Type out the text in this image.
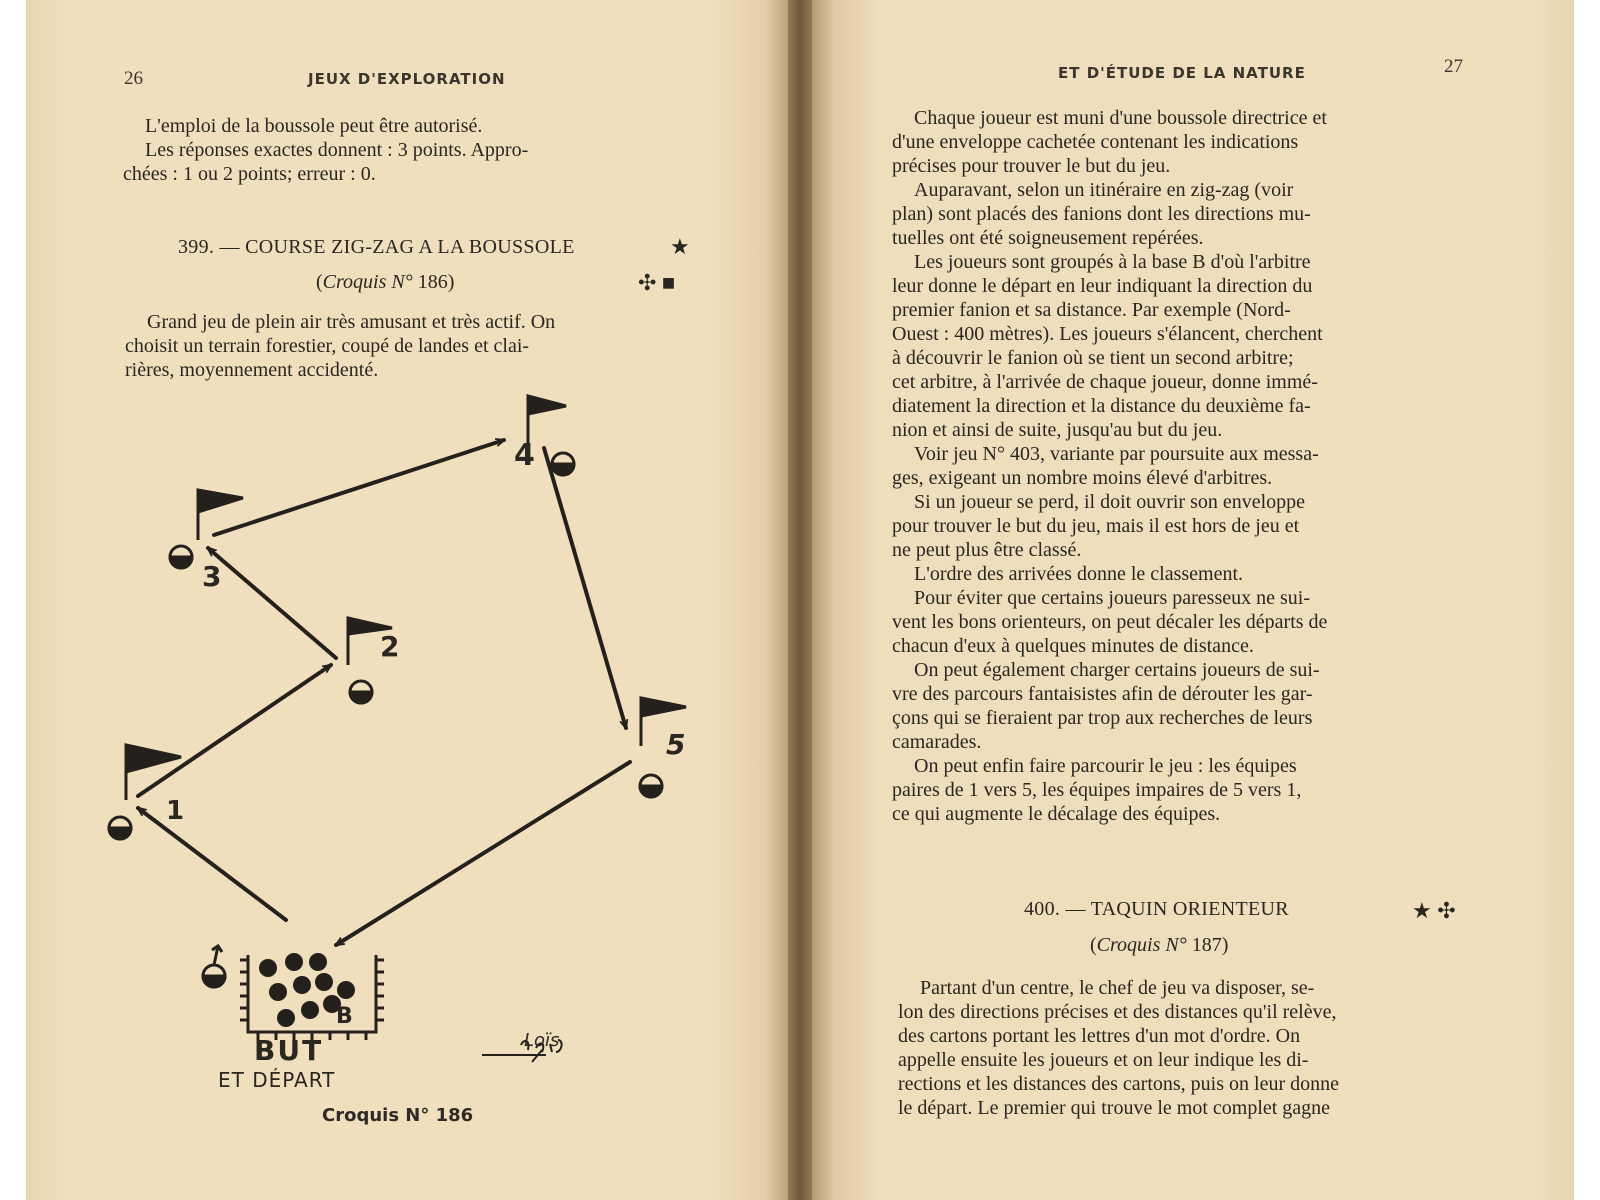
26	JEUX D'EXPLORATION
L'emploi de la boussole peut être autorisé.
Les réponses exactes donnent : 3 points. Appro-
chées : 1 ou 2 points; erreur : 0.
399. — COURSE ZIG-ZAG A LA BOUSSOLE	★
(Croquis N° 186)	✣ ■
Grand jeu de plein air très amusant et très actif. On
choisit un terrain forestier, coupé de landes et clai-
rières, moyennement accidenté.
4
3
2
5
1
B
BUT
ET DÉPART
Loïs
Croquis N° 186
ET D'ÉTUDE DE LA NATURE	27
Chaque joueur est muni d'une boussole directrice et
d'une enveloppe cachetée contenant les indications
précises pour trouver le but du jeu.
Auparavant, selon un itinéraire en zig-zag (voir
plan) sont placés des fanions dont les directions mu-
tuelles ont été soigneusement repérées.
Les joueurs sont groupés à la base B d'où l'arbitre
leur donne le départ en leur indiquant la direction du
premier fanion et sa distance. Par exemple (Nord-
Ouest : 400 mètres). Les joueurs s'élancent, cherchent
à découvrir le fanion où se tient un second arbitre;
cet arbitre, à l'arrivée de chaque joueur, donne immé-
diatement la direction et la distance du deuxième fa-
nion et ainsi de suite, jusqu'au but du jeu.
Voir jeu N° 403, variante par poursuite aux messa-
ges, exigeant un nombre moins élevé d'arbitres.
Si un joueur se perd, il doit ouvrir son enveloppe
pour trouver le but du jeu, mais il est hors de jeu et
ne peut plus être classé.
L'ordre des arrivées donne le classement.
Pour éviter que certains joueurs paresseux ne sui-
vent les bons orienteurs, on peut décaler les départs de
chacun d'eux à quelques minutes de distance.
On peut également charger certains joueurs de sui-
vre des parcours fantaisistes afin de dérouter les gar-
çons qui se fieraient par trop aux recherches de leurs
camarades.
On peut enfin faire parcourir le jeu : les équipes
paires de 1 vers 5, les équipes impaires de 5 vers 1,
ce qui augmente le décalage des équipes.
400. — TAQUIN ORIENTEUR	★ ✣
(Croquis N° 187)
Partant d'un centre, le chef de jeu va disposer, se-
lon des directions précises et des distances qu'il relève,
des cartons portant les lettres d'un mot d'ordre. On
appelle ensuite les joueurs et on leur indique les di-
rections et les distances des cartons, puis on leur donne
le départ. Le premier qui trouve le mot complet gagne
